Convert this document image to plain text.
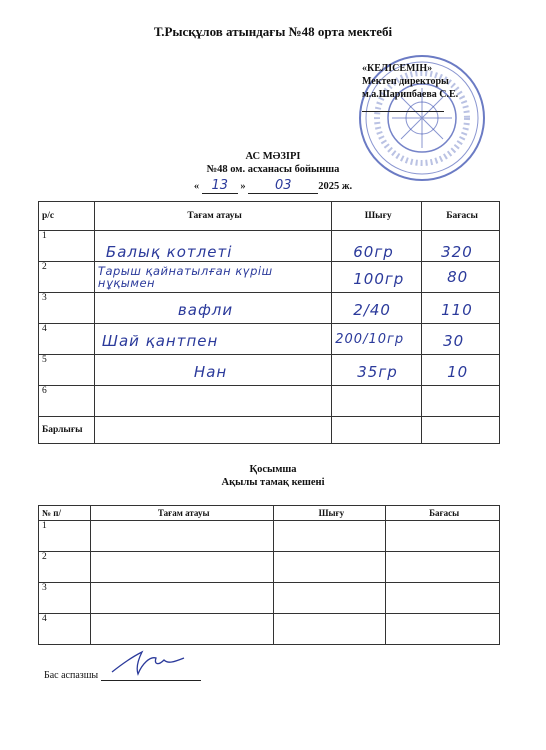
Т.Рысқұлов атындағы №48 орта мектебі
«КЕЛІСЕМІН»
Мектеп директоры
м.а.Шарипбаева С.Е.
АС МӘЗІРІ
№48 ом. асханасы бойынша
« 13 » 03	2025 ж.
р/с	Тағам атауы	Шығу	Бағасы
1	Балық котлеті	60гр	320

2	Тарыш қайнатылған күріш нұқымен	100гр	80

3	вафли	2/40	110

4	Шай қантпен	200/10гр	30

5	Нан	35гр	10

6			
Барлығы			
Қосымша
Ақылы тамақ кешені
№ п/	Тағам атауы	Шығу	Бағасы
1			
2			
3			
4			
Бас аспазшы
